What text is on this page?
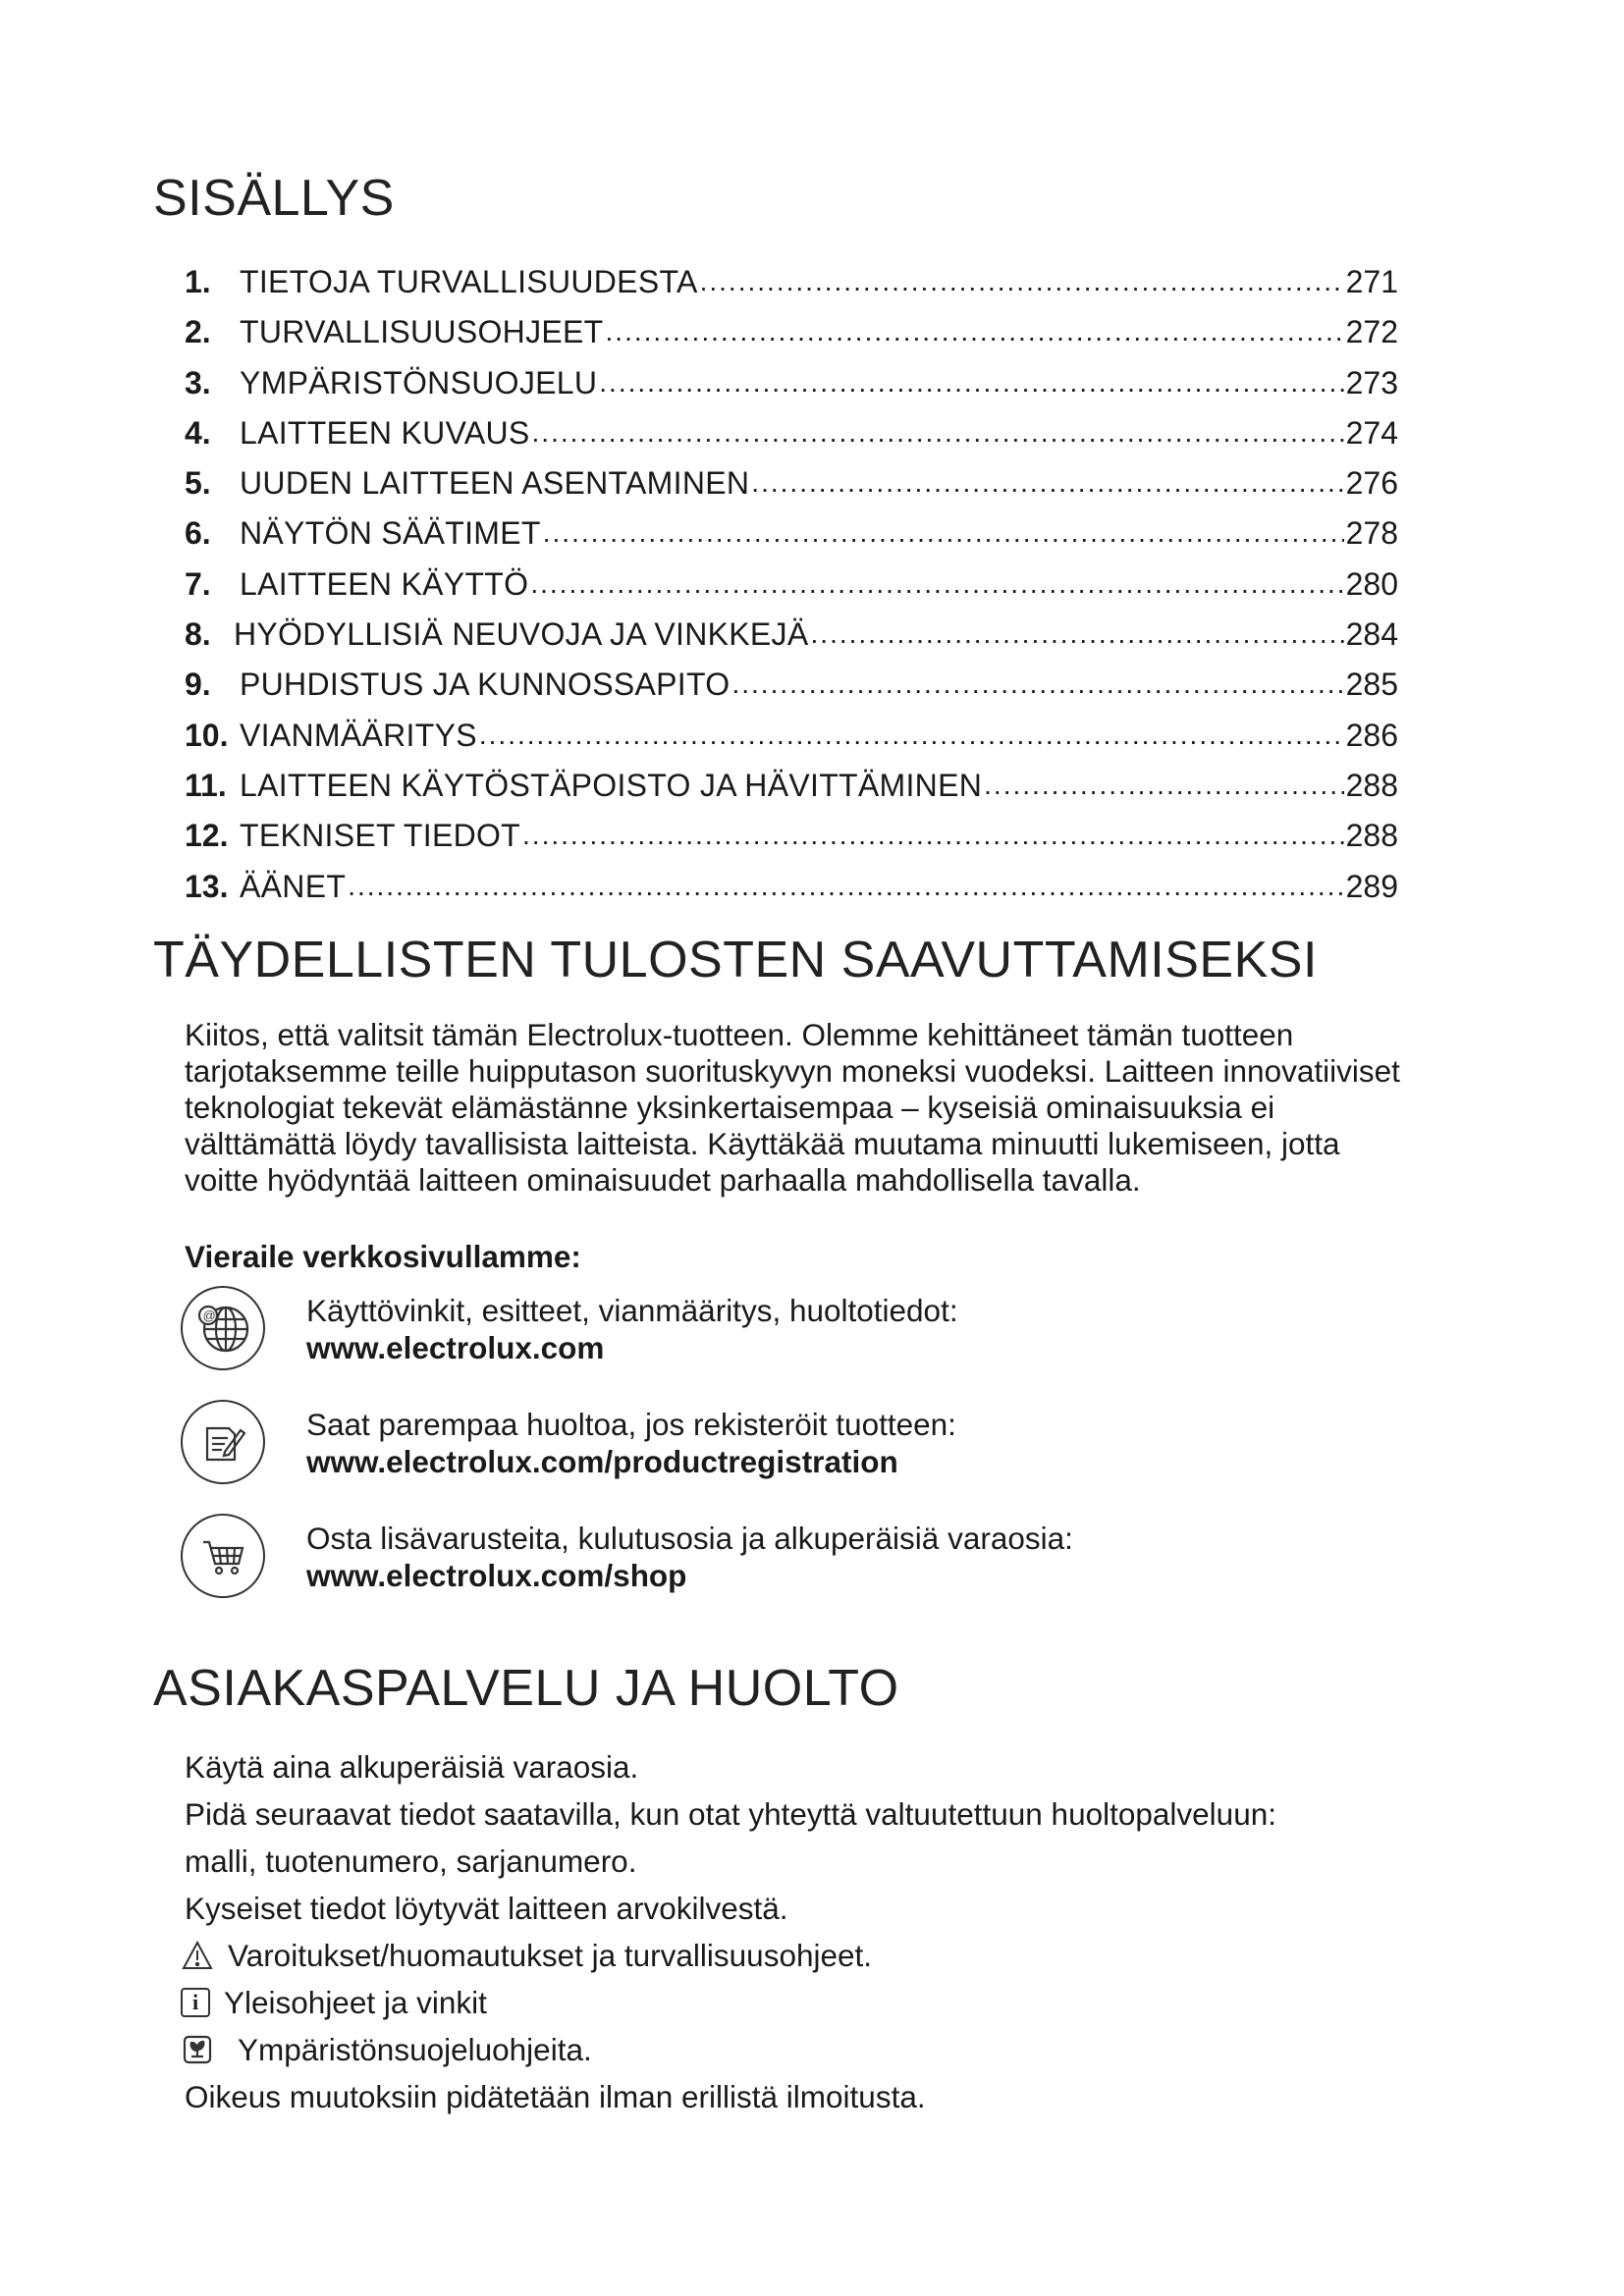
SISÄLLYS
1. TIETOJA TURVALLISUUDESTA .....	271
2. TURVALLISUUSOHJEET .....	272
3. YMPÄRISTÖNSUOJELU .....	273
4. LAITTEEN KUVAUS .....	274
5. UUDEN LAITTEEN ASENTAMINEN .....	276
6. NÄYTÖN SÄÄTIMET .....	278
7. LAITTEEN KÄYTTÖ .....	280
8. HYÖDYLLISIÄ NEUVOJA JA VINKKEJÄ .....	284
9. PUHDISTUS JA KUNNOSSAPITO .....	285
10. VIANMÄÄRITYS .....	286
11. LAITTEEN KÄYTÖSTÄPOISTO JA HÄVITTÄMINEN .....	288
12. TEKNISET TIEDOT .....	288
13. ÄÄNET .....	289
TÄYDELLISTEN TULOSTEN SAAVUTTAMISEKSI
Kiitos, että valitsit tämän Electrolux-tuotteen. Olemme kehittäneet tämän tuotteen
tarjotaksemme teille huipputason suorituskyvyn moneksi vuodeksi. Laitteen innovatiiviset
teknologiat tekevät elämästänne yksinkertaisempaa – kyseisiä ominaisuuksia ei
välttämättä löydy tavallisista laitteista. Käyttäkää muutama minuutti lukemiseen, jotta
voitte hyödyntää laitteen ominaisuudet parhaalla mahdollisella tavalla.
Vieraile verkkosivullamme:
@	Käyttövinkit, esitteet, vianmääritys, huoltotiedot:
www.electrolux.com
Saat parempaa huoltoa, jos rekisteröit tuotteen:
www.electrolux.com/productregistration
Osta lisävarusteita, kulutusosia ja alkuperäisiä varaosia:
www.electrolux.com/shop
ASIAKASPALVELU JA HUOLTO
Käytä aina alkuperäisiä varaosia.
Pidä seuraavat tiedot saatavilla, kun otat yhteyttä valtuutettuun huoltopalveluun:
malli, tuotenumero, sarjanumero.
Kyseiset tiedot löytyvät laitteen arvokilvestä.
Varoitukset/huomautukset ja turvallisuusohjeet.
i Yleisohjeet ja vinkit
Ympäristönsuojeluohjeita.
Oikeus muutoksiin pidätetään ilman erillistä ilmoitusta.
